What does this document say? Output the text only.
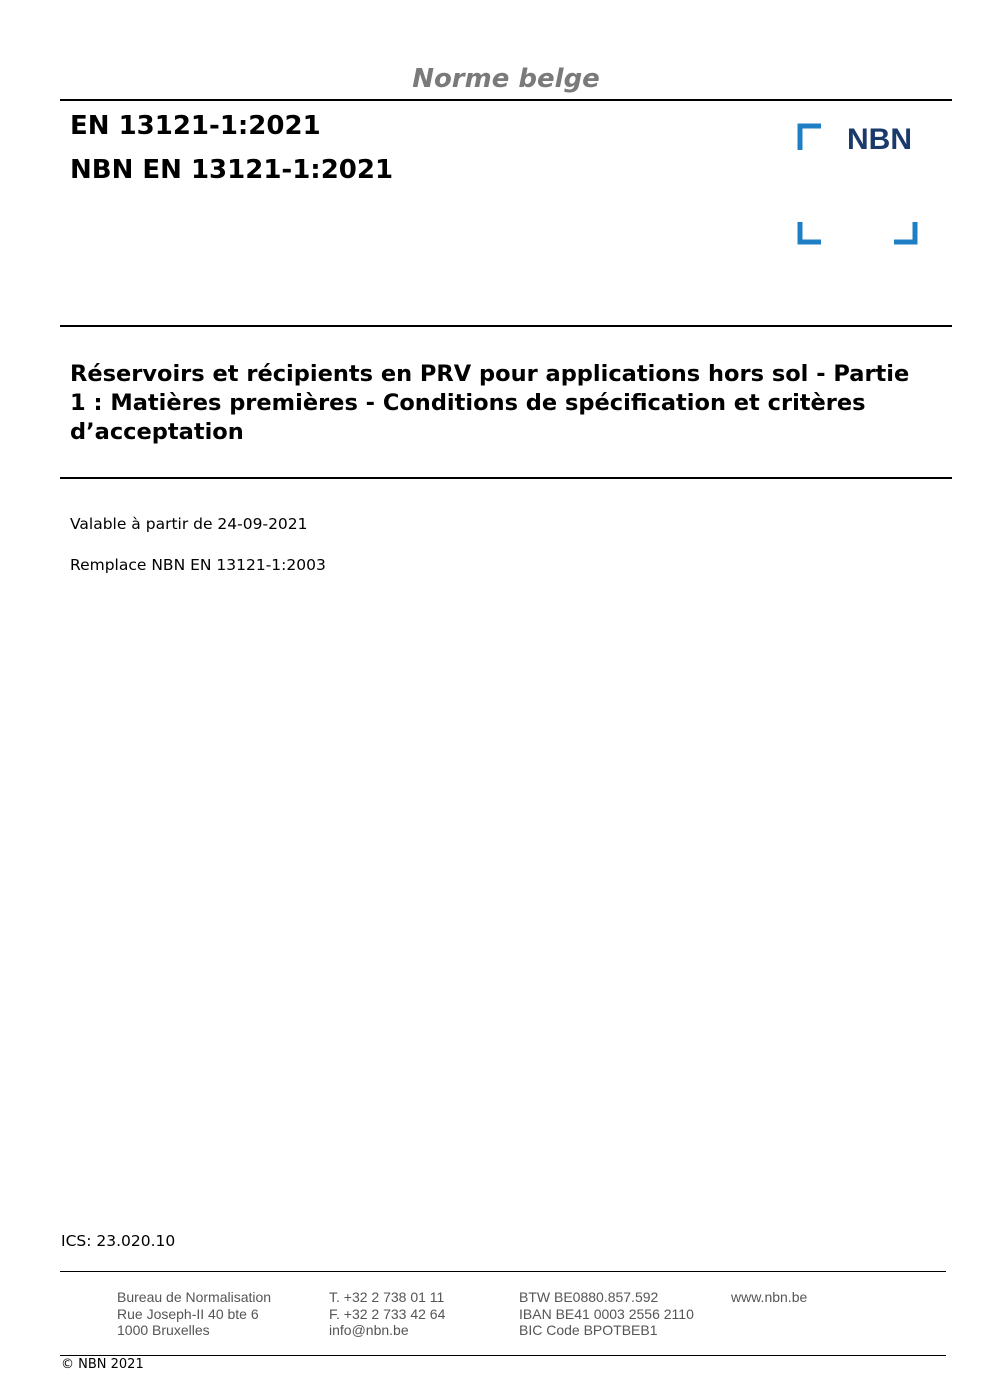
Norme belge
EN 13121-1:2021
NBN EN 13121-1:2021
NBN
Réservoirs et récipients en PRV pour applications hors sol - Partie
1 : Matières premières - Conditions de spécification et critères
d’acceptation
Valable à partir de 24-09-2021
Remplace NBN EN 13121-1:2003
ICS: 23.020.10
Bureau de Normalisation
Rue Joseph-II 40 bte 6
1000 Bruxelles
T. +32 2 738 01 11
F. +32 2 733 42 64
info@nbn.be
BTW BE0880.857.592
IBAN BE41 0003 2556 2110
BIC Code BPOTBEB1
www.nbn.be
© NBN 2021
